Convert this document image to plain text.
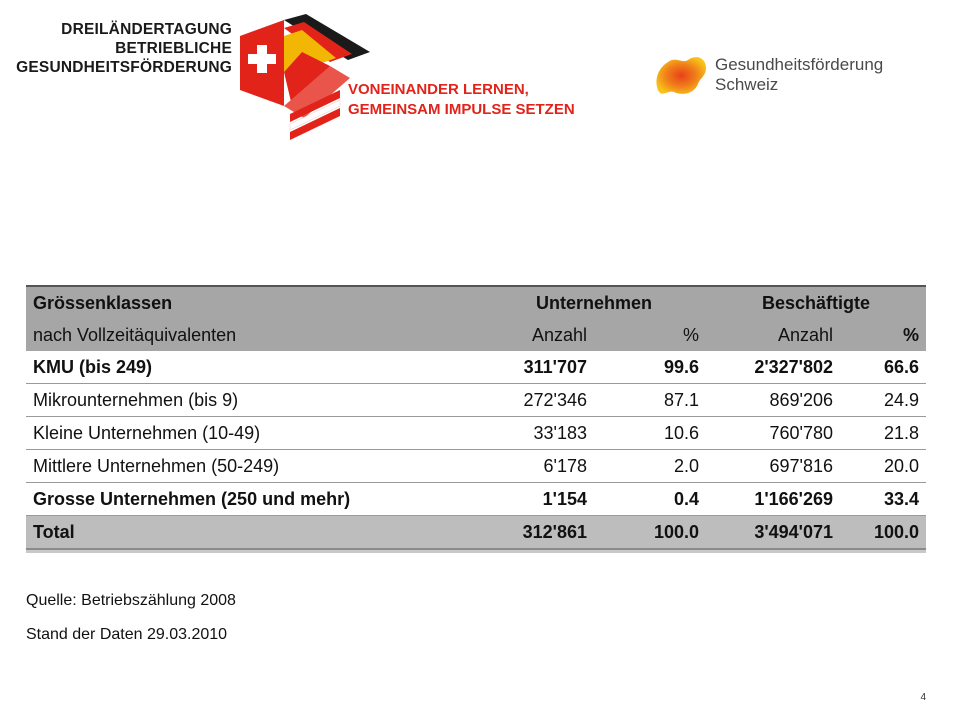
DREILÄNDERTAGUNG
BETRIEBLICHE
GESUNDHEITSFÖRDERUNG
VONEINANDER LERNEN,
GEMEINSAM IMPULSE SETZEN
Gesundheitsförderung
Schweiz
Grössenklassen	Unternehmen		Beschäftigte	
nach Vollzeitäquivalenten	Anzahl	%	Anzahl	%
KMU (bis 249)	311'707	99.6	2'327'802	66.6
Mikrounternehmen (bis 9)	272'346	87.1	869'206	24.9
Kleine Unternehmen (10-49)	33'183	10.6	760'780	21.8
Mittlere Unternehmen (50-249)	6'178	2.0	697'816	20.0
Grosse Unternehmen (250 und mehr)	1'154	0.4	1'166'269	33.4
Total	312'861	100.0	3'494'071	100.0
Quelle: Betriebszählung 2008
Stand der Daten 29.03.2010
4
